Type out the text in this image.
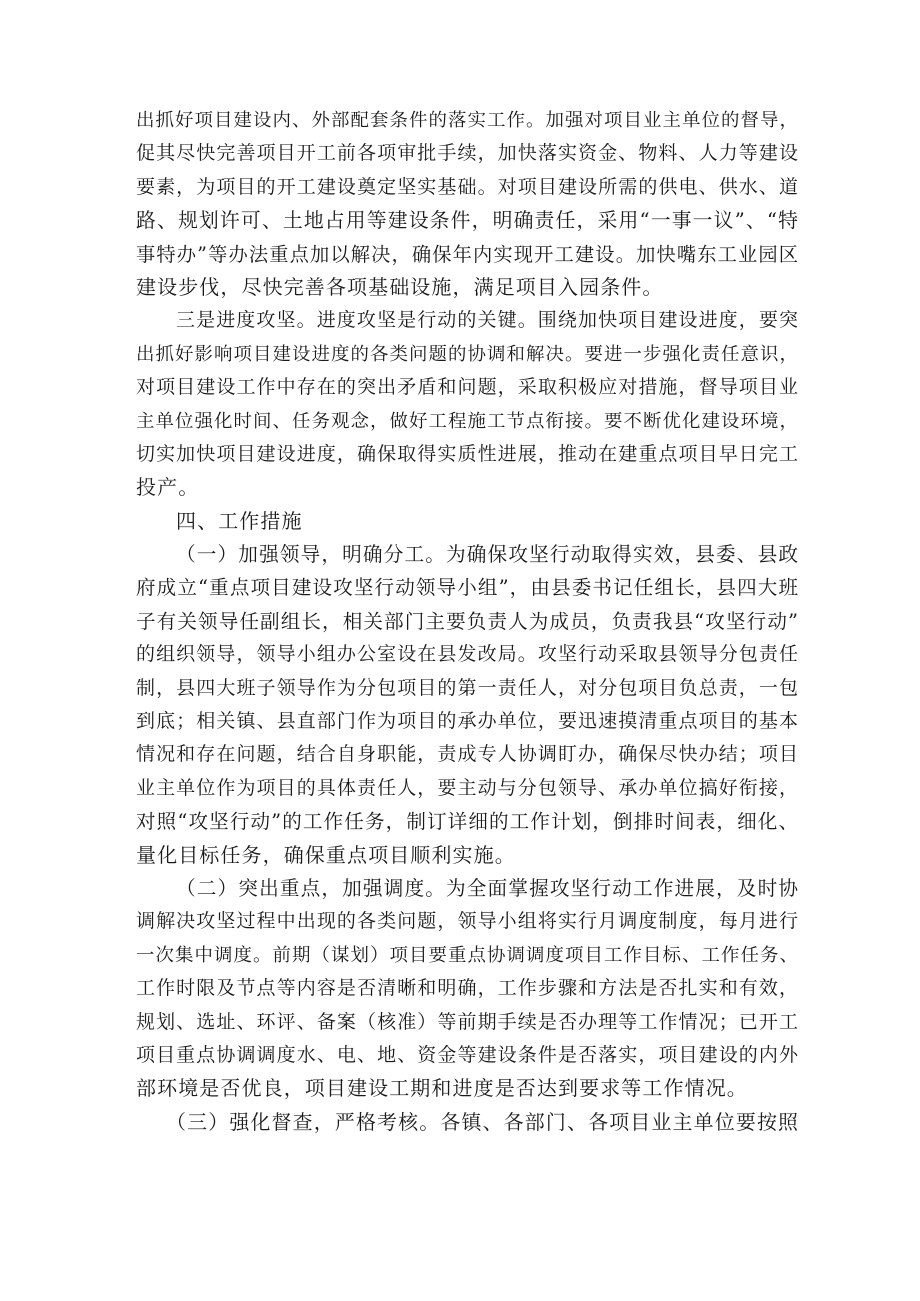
出抓好项目建设内、外部配套条件的落实工作。加强对项目业主单位的督导，
促其尽快完善项目开工前各项审批手续，加快落实资金、物料、人力等建设
要素，为项目的开工建设奠定坚实基础。对项目建设所需的供电、供水、道
路、规划许可、土地占用等建设条件，明确责任，采用“一事一议”、“特
事特办”等办法重点加以解决，确保年内实现开工建设。加快嘴东工业园区
建设步伐，尽快完善各项基础设施，满足项目入园条件。
三是进度攻坚。进度攻坚是行动的关键。围绕加快项目建设进度，要突
出抓好影响项目建设进度的各类问题的协调和解决。要进一步强化责任意识，
对项目建设工作中存在的突出矛盾和问题，采取积极应对措施，督导项目业
主单位强化时间、任务观念，做好工程施工节点衔接。要不断优化建设环境，
切实加快项目建设进度，确保取得实质性进展，推动在建重点项目早日完工
投产。
四、工作措施
（一）加强领导，明确分工。为确保攻坚行动取得实效，县委、县政
府成立“重点项目建设攻坚行动领导小组”，由县委书记任组长，县四大班
子有关领导任副组长，相关部门主要负责人为成员，负责我县“攻坚行动”
的组织领导，领导小组办公室设在县发改局。攻坚行动采取县领导分包责任
制，县四大班子领导作为分包项目的第一责任人，对分包项目负总责，一包
到底；相关镇、县直部门作为项目的承办单位，要迅速摸清重点项目的基本
情况和存在问题，结合自身职能，责成专人协调盯办，确保尽快办结；项目
业主单位作为项目的具体责任人，要主动与分包领导、承办单位搞好衔接，
对照“攻坚行动”的工作任务，制订详细的工作计划，倒排时间表，细化、
量化目标任务，确保重点项目顺利实施。
（二）突出重点，加强调度。为全面掌握攻坚行动工作进展，及时协
调解决攻坚过程中出现的各类问题，领导小组将实行月调度制度，每月进行
一次集中调度。前期（谋划）项目要重点协调调度项目工作目标、工作任务、
工作时限及节点等内容是否清晰和明确，工作步骤和方法是否扎实和有效，
规划、选址、环评、备案（核准）等前期手续是否办理等工作情况；已开工
项目重点协调调度水、电、地、资金等建设条件是否落实，项目建设的内外
部环境是否优良，项目建设工期和进度是否达到要求等工作情况。
（三）强化督查，严格考核。各镇、各部门、各项目业主单位要按照
